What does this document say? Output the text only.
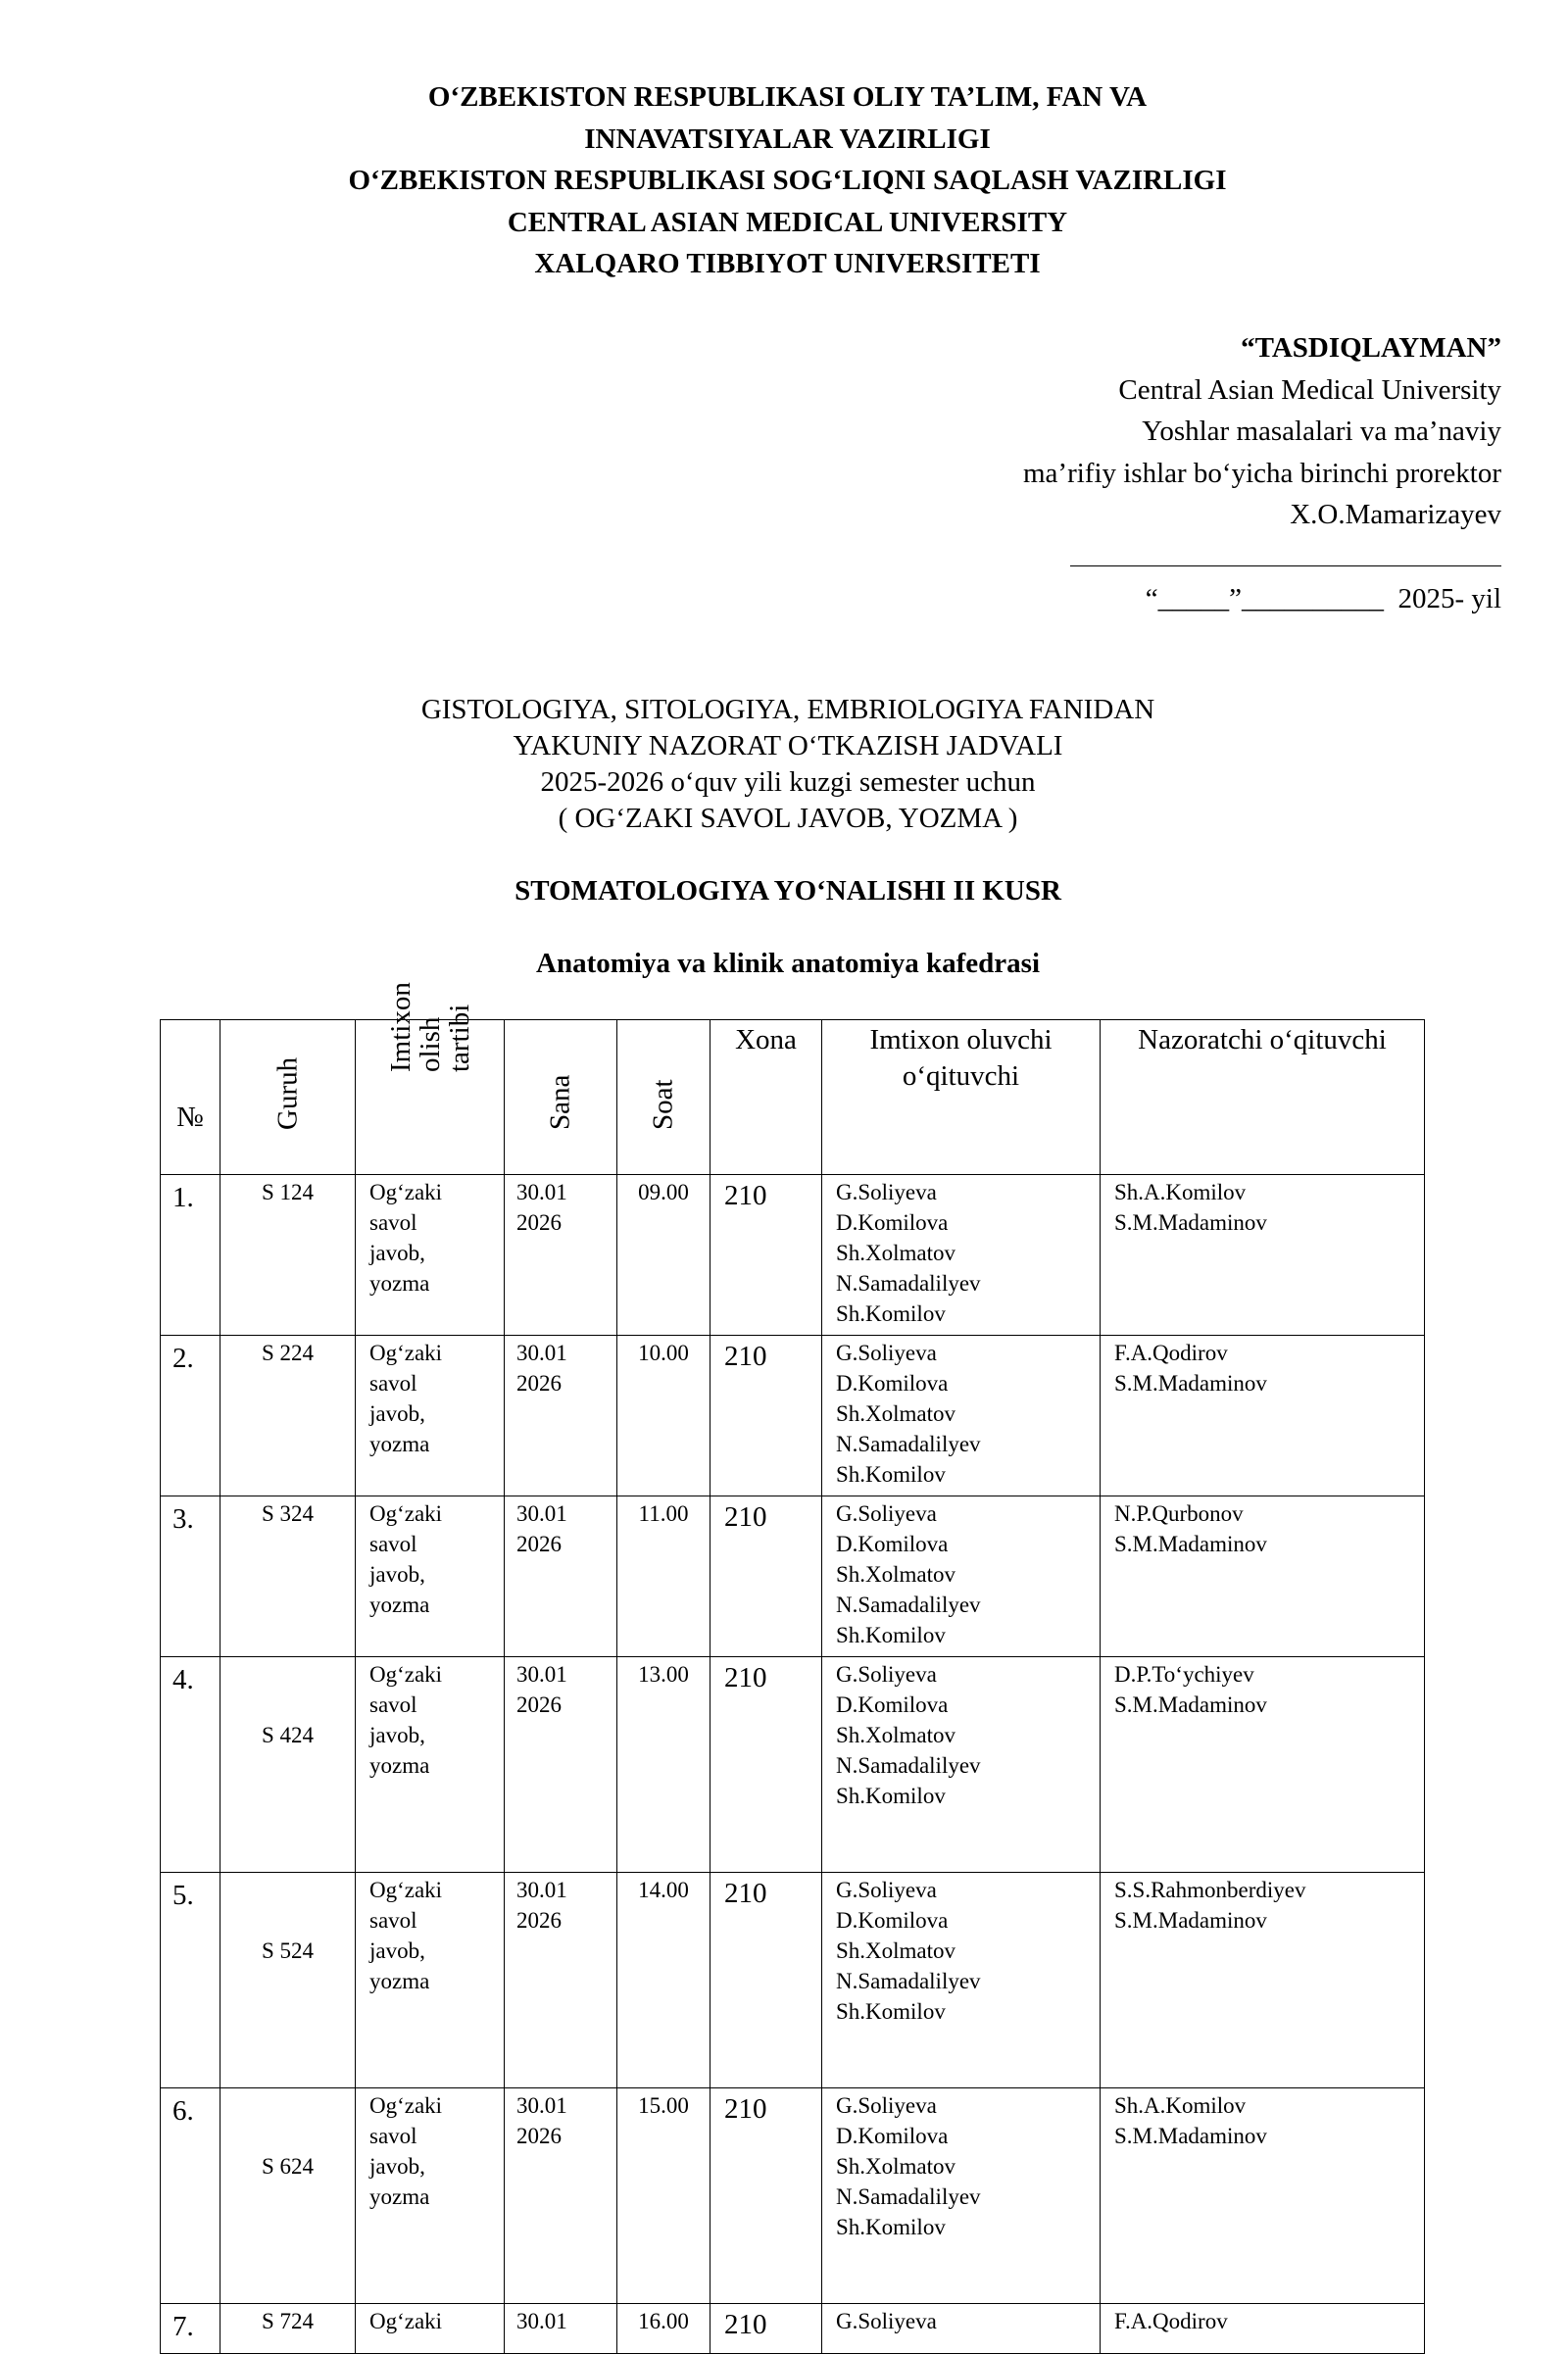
O‘ZBEKISTON RESPUBLIKASI OLIY TA’LIM, FAN VA
INNAVATSIYALAR VAZIRLIGI
O‘ZBEKISTON RESPUBLIKASI SOG‘LIQNI SAQLASH VAZIRLIGI
CENTRAL ASIAN MEDICAL UNIVERSITY
XALQARO TIBBIYOT UNIVERSITETI
“TASDIQLAYMAN”
Central Asian Medical University
Yoshlar masalalari va ma’naviy
ma’rifiy ishlar bo‘yicha birinchi prorektor
X.O.Mamarizayev
“_____”__________  2025- yil
GISTOLOGIYA, SITOLOGIYA, EMBRIOLOGIYA FANIDAN
YAKUNIY NAZORAT O‘TKAZISH JADVALI
2025-2026 o‘quv yili kuzgi semester uchun
( OG‘ZAKI SAVOL JAVOB, YOZMA )
STOMATOLOGIYA YO‘NALISHI II KUSR
Anatomiya va klinik anatomiya kafedrasi
№	Guruh	Imtixon
olish
tartibi	Sana	Soat	Xona	Imtixon oluvchi o‘qituvchi	Nazoratchi o‘qituvchi
1.	S 124	Og‘zaki
savol
javob,
yozma	30.01
2026	09.00	210	G.Soliyeva
D.Komilova
Sh.Xolmatov
N.Samadalilyev
Sh.Komilov	Sh.A.Komilov
S.M.Madaminov

2.	S 224	Og‘zaki
savol
javob,
yozma	30.01
2026	10.00	210	G.Soliyeva
D.Komilova
Sh.Xolmatov
N.Samadalilyev
Sh.Komilov	F.A.Qodirov
S.M.Madaminov

3.	S 324	Og‘zaki
savol
javob,
yozma	30.01
2026	11.00	210	G.Soliyeva
D.Komilova
Sh.Xolmatov
N.Samadalilyev
Sh.Komilov	N.P.Qurbonov
S.M.Madaminov

4.	S 424	Og‘zaki
savol
javob,
yozma	30.01
2026	13.00	210	G.Soliyeva
D.Komilova
Sh.Xolmatov
N.Samadalilyev
Sh.Komilov	D.P.To‘ychiyev
S.M.Madaminov

5.	S 524	Og‘zaki
savol
javob,
yozma	30.01
2026	14.00	210	G.Soliyeva
D.Komilova
Sh.Xolmatov
N.Samadalilyev
Sh.Komilov	S.S.Rahmonberdiyev
S.M.Madaminov

6.	S 624	Og‘zaki
savol
javob,
yozma	30.01
2026	15.00	210	G.Soliyeva
D.Komilova
Sh.Xolmatov
N.Samadalilyev
Sh.Komilov	Sh.A.Komilov
S.M.Madaminov

7.	S 724	Og‘zaki	30.01	16.00	210	G.Soliyeva	F.A.Qodirov
